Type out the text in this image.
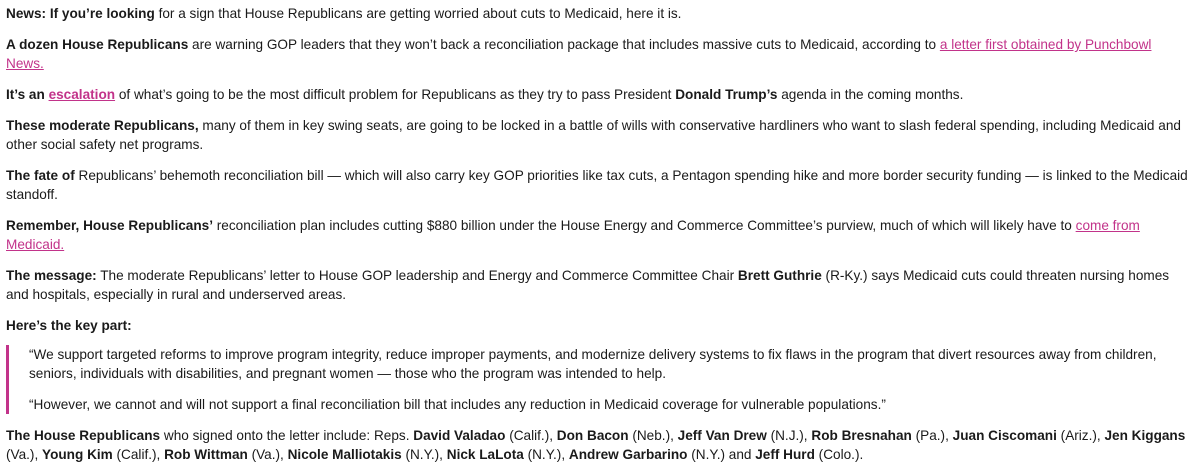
News: If you’re looking for a sign that House Republicans are getting worried about cuts to Medicaid, here it is.

A dozen House Republicans are warning GOP leaders that they won’t back a reconciliation package that includes massive cuts to Medicaid, according to a letter first obtained by Punchbowl News.

It’s an escalation of what’s going to be the most difficult problem for Republicans as they try to pass President Donald Trump’s agenda in the coming months.

These moderate Republicans, many of them in key swing seats, are going to be locked in a battle of wills with conservative hardliners who want to slash federal spending, including Medicaid and other social safety net programs.

The fate of Republicans’ behemoth reconciliation bill — which will also carry key GOP priorities like tax cuts, a Pentagon spending hike and more border security funding — is linked to the Medicaid standoff.

Remember, House Republicans’ reconciliation plan includes cutting $880 billion under the House Energy and Commerce Committee’s purview, much of which will likely have to come from Medicaid.

The message: The moderate Republicans’ letter to House GOP leadership and Energy and Commerce Committee Chair Brett Guthrie (R-Ky.) says Medicaid cuts could threaten nursing homes and hospitals, especially in rural and underserved areas.

Here’s the key part:

“We support targeted reforms to improve program integrity, reduce improper payments, and modernize delivery systems to fix flaws in the program that divert resources away from children, seniors, individuals with disabilities, and pregnant women — those who the program was intended to help.

“However, we cannot and will not support a final reconciliation bill that includes any reduction in Medicaid coverage for vulnerable populations.”

The House Republicans who signed onto the letter include: Reps. David Valadao (Calif.), Don Bacon (Neb.), Jeff Van Drew (N.J.), Rob Bresnahan (Pa.), Juan Ciscomani (Ariz.), Jen Kiggans (Va.), Young Kim (Calif.), Rob Wittman (Va.), Nicole Malliotakis (N.Y.), Nick LaLota (N.Y.), Andrew Garbarino (N.Y.) and Jeff Hurd (Colo.).
